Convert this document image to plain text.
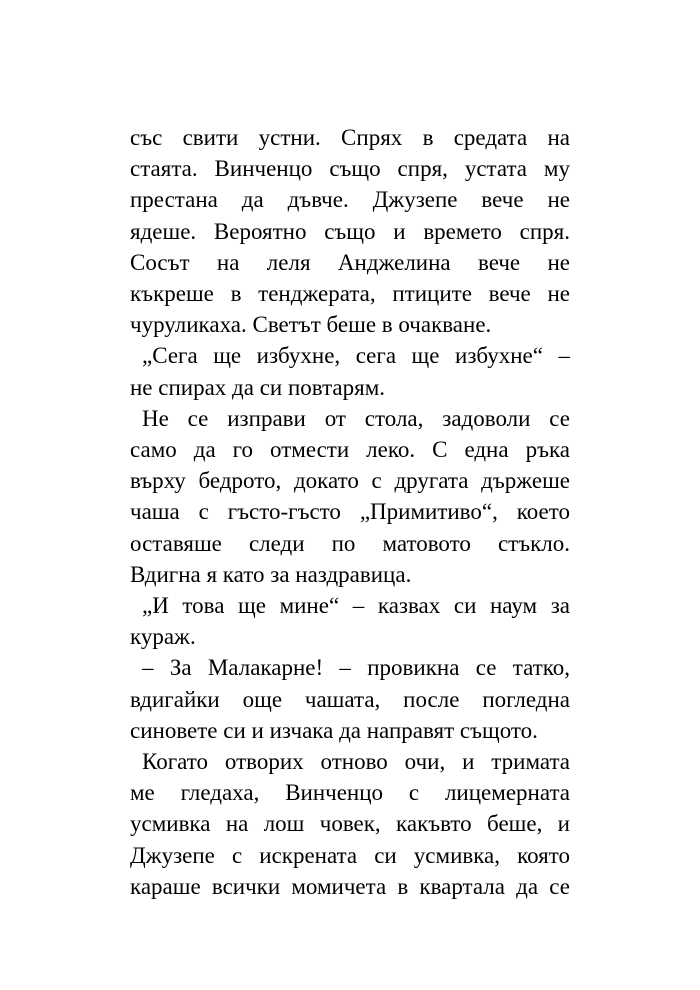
със свити устни. Спрях в средата на
стаята. Винченцо също спря, устата му
престана да дъвче. Джузепе вече не
ядеше. Вероятно също и времето спря.
Сосът на леля Анджелина вече не
къкреше в тенджерата, птиците вече не
чуруликаха. Светът беше в очакване.

„Сега ще избухне, сега ще избухне“ –
не спирах да си повтарям.

Не се изправи от стола, задоволи се
само да го отмести леко. С една ръка
върху бедрото, докато с другата държеше
чаша с гъсто-гъсто „Примитиво“, което
оставяше следи по матовото стъкло.
Вдигна я като за наздравица.

„И това ще мине“ – казвах си наум за
кураж.

– За Малакарне! – провикна се татко,
вдигайки още чашата, после погледна
синовете си и изчака да направят същото.

Когато отворих отново очи, и тримата
ме гледаха, Винченцо с лицемерната
усмивка на лош човек, какъвто беше, и
Джузепе с искрената си усмивка, която
караше всички момичета в квартала да се
